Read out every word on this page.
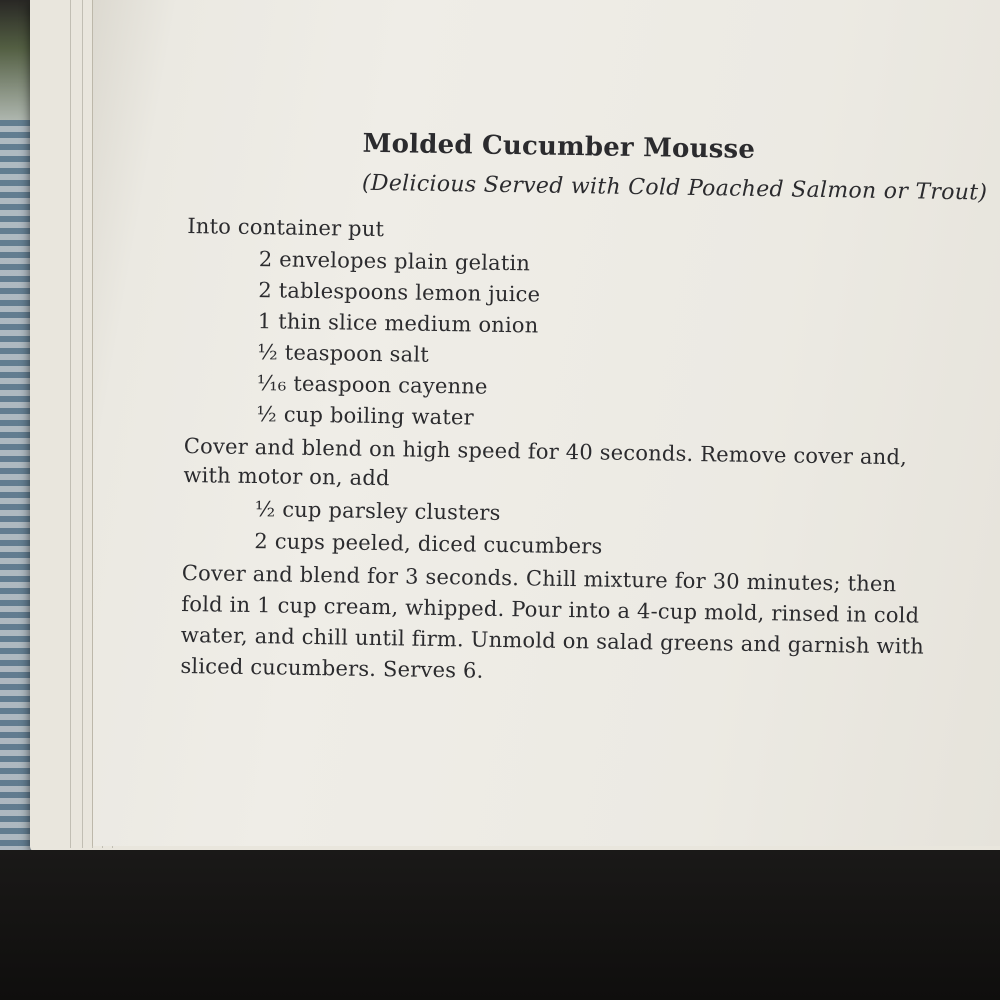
Molded Cucumber Mousse
(Delicious Served with Cold Poached Salmon or Trout)
Into container put
2 envelopes plain gelatin
2 tablespoons lemon juice
1 thin slice medium onion
½ teaspoon salt
¹⁄₁₆ teaspoon cayenne
½ cup boiling water
Cover and blend on high speed for 40 seconds. Remove cover and,
with motor on, add
½ cup parsley clusters
2 cups peeled, diced cucumbers
Cover and blend for 3 seconds. Chill mixture for 30 minutes; then
fold in 1 cup cream, whipped. Pour into a 4-cup mold, rinsed in cold
water, and chill until firm. Unmold on salad greens and garnish with
sliced cucumbers. Serves 6.
